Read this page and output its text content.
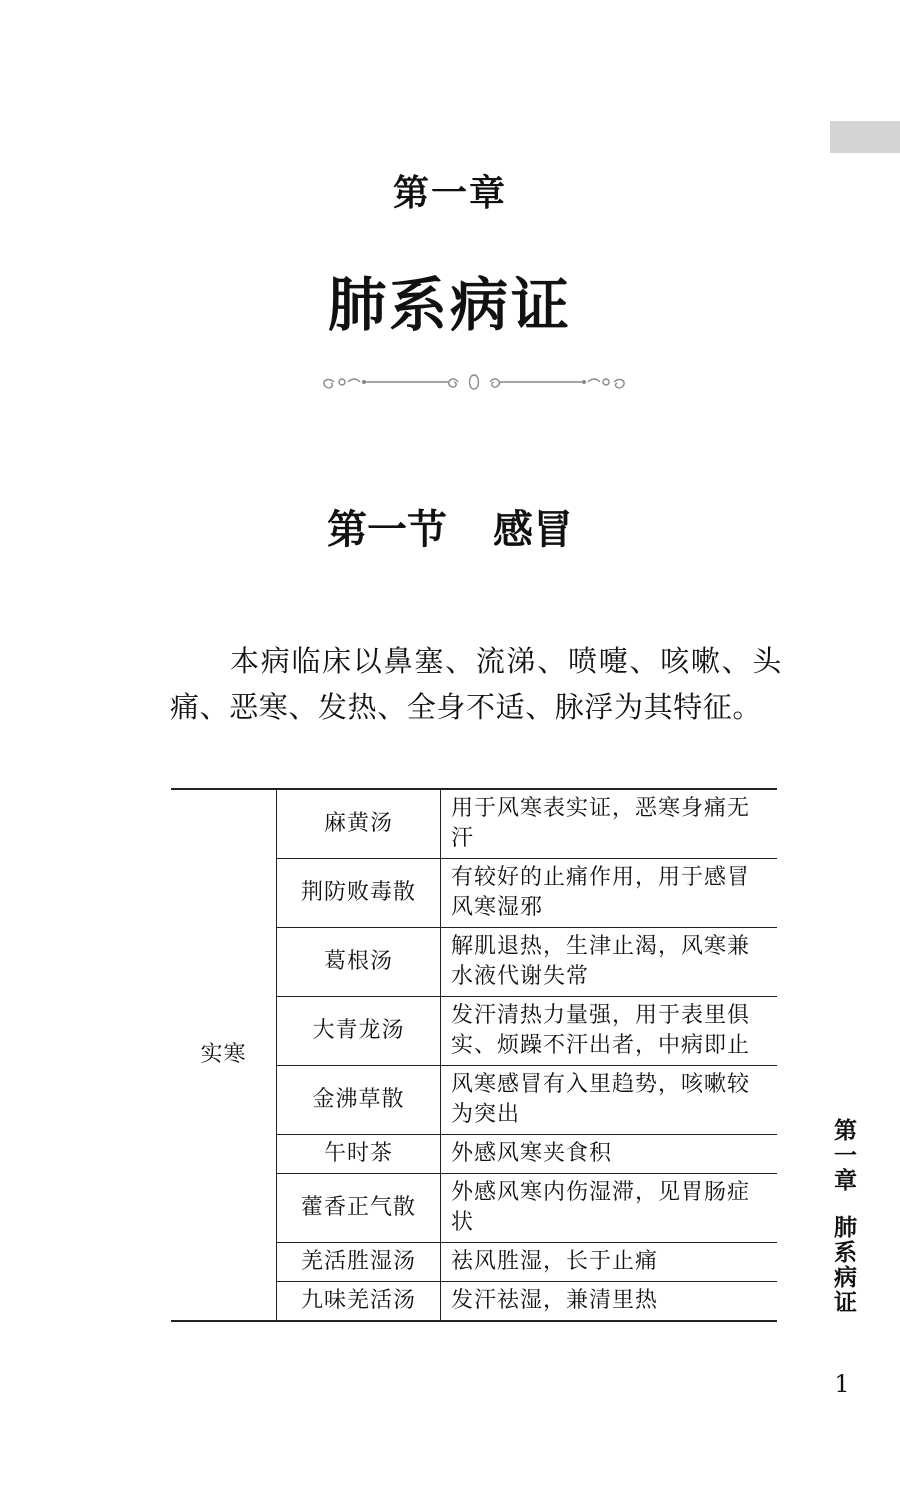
第一章
肺系病证
第一节 感冒
本病临床以鼻塞、流涕、喷嚏、咳嗽、头痛、恶寒、发热、全身不适、脉浮为其特征。
实寒	麻黄汤	用于风寒表实证，恶寒身痛无汗
	荆防败毒散	有较好的止痛作用，用于感冒风寒湿邪
	葛根汤	解肌退热，生津止渴，风寒兼水液代谢失常
	大青龙汤	发汗清热力量强，用于表里俱实、烦躁不汗出者，中病即止
	金沸草散	风寒感冒有入里趋势，咳嗽较为突出
	午时茶	外感风寒夹食积
	藿香正气散	外感风寒内伤湿滞，见胃肠症状
	羌活胜湿汤	祛风胜湿，长于止痛
	九味羌活汤	发汗祛湿，兼清里热
第一章肺系病证
1
